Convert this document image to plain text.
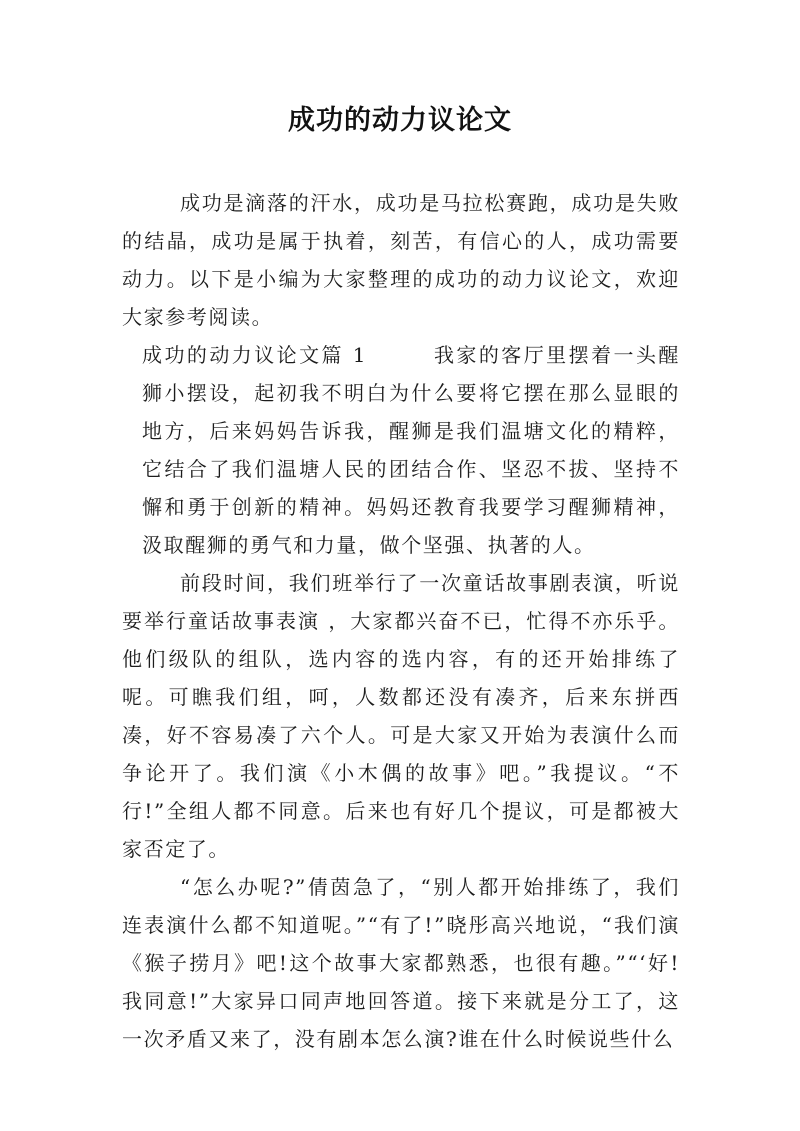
成功的动力议论文

成功是滴落的汗水，成功是马拉松赛跑，成功是失败的结晶，成功是属于执着，刻苦，有信心的人，成功需要动力。以下是小编为大家整理的成功的动力议论文，欢迎大家参考阅读。

成功的动力议论文篇 1	我家的客厅里摆着一头醒狮小摆设，起初我不明白为什么要将它摆在那么显眼的地方，后来妈妈告诉我，醒狮是我们温塘文化的精粹，它结合了我们温塘人民的团结合作、坚忍不拔、坚持不懈和勇于创新的精神。妈妈还教育我要学习醒狮精神，汲取醒狮的勇气和力量，做个坚强、执著的人。

前段时间，我们班举行了一次童话故事剧表演，听说要举行童话故事表演 ，大家都兴奋不已，忙得不亦乐乎。他们级队的组队，选内容的选内容，有的还开始排练了呢。可瞧我们组，呵，人数都还没有凑齐，后来东拼西凑，好不容易凑了六个人。可是大家又开始为表演什么而争论开了。我们演《小木偶的故事》吧。”我提议。“不行!”全组人都不同意。后来也有好几个提议，可是都被大家否定了。

“怎么办呢?”倩茵急了，“别人都开始排练了，我们连表演什么都不知道呢。”“有了!”晓彤高兴地说，“我们演《猴子捞月》吧!这个故事大家都熟悉，也很有趣。”“‘好!我同意!”大家异口同声地回答道。接下来就是分工了，这一次矛盾又来了，没有剧本怎么演?谁在什么时候说些什么
